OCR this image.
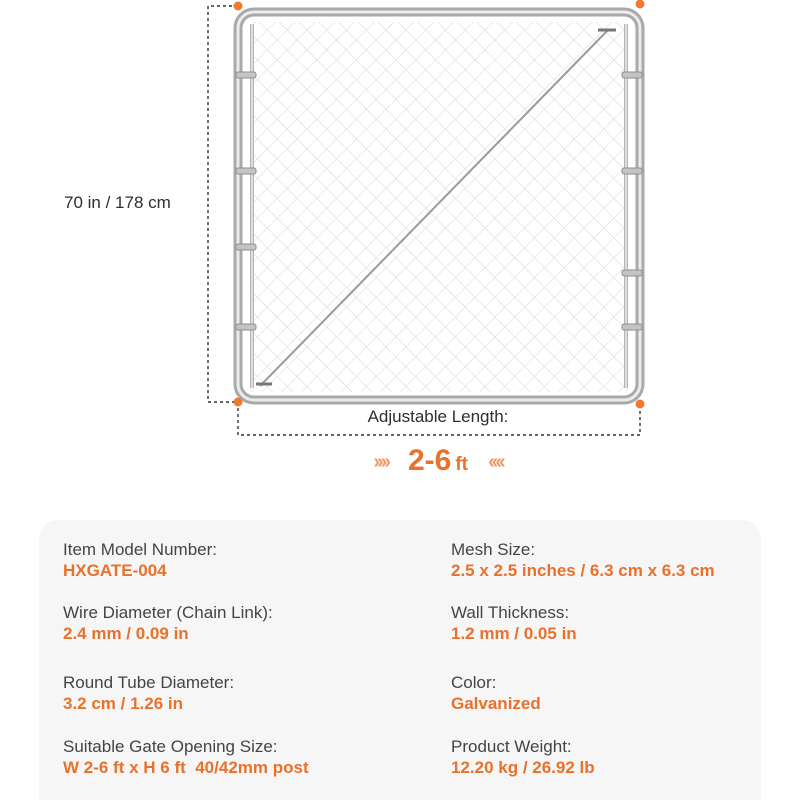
70 in / 178 cm
Adjustable Length:
›››› 2-6 ft ‹‹‹‹
Item Model Number:
HXGATE-004
Mesh Size:
2.5 x 2.5 inches / 6.3 cm x 6.3 cm
Wire Diameter (Chain Link):
2.4 mm / 0.09 in
Wall Thickness:
1.2 mm / 0.05 in
Round Tube Diameter:
3.2 cm / 1.26 in
Color:
Galvanized
Suitable Gate Opening Size:
W 2-6 ft x H 6 ft  40/42mm post
Product Weight:
12.20 kg / 26.92 lb
